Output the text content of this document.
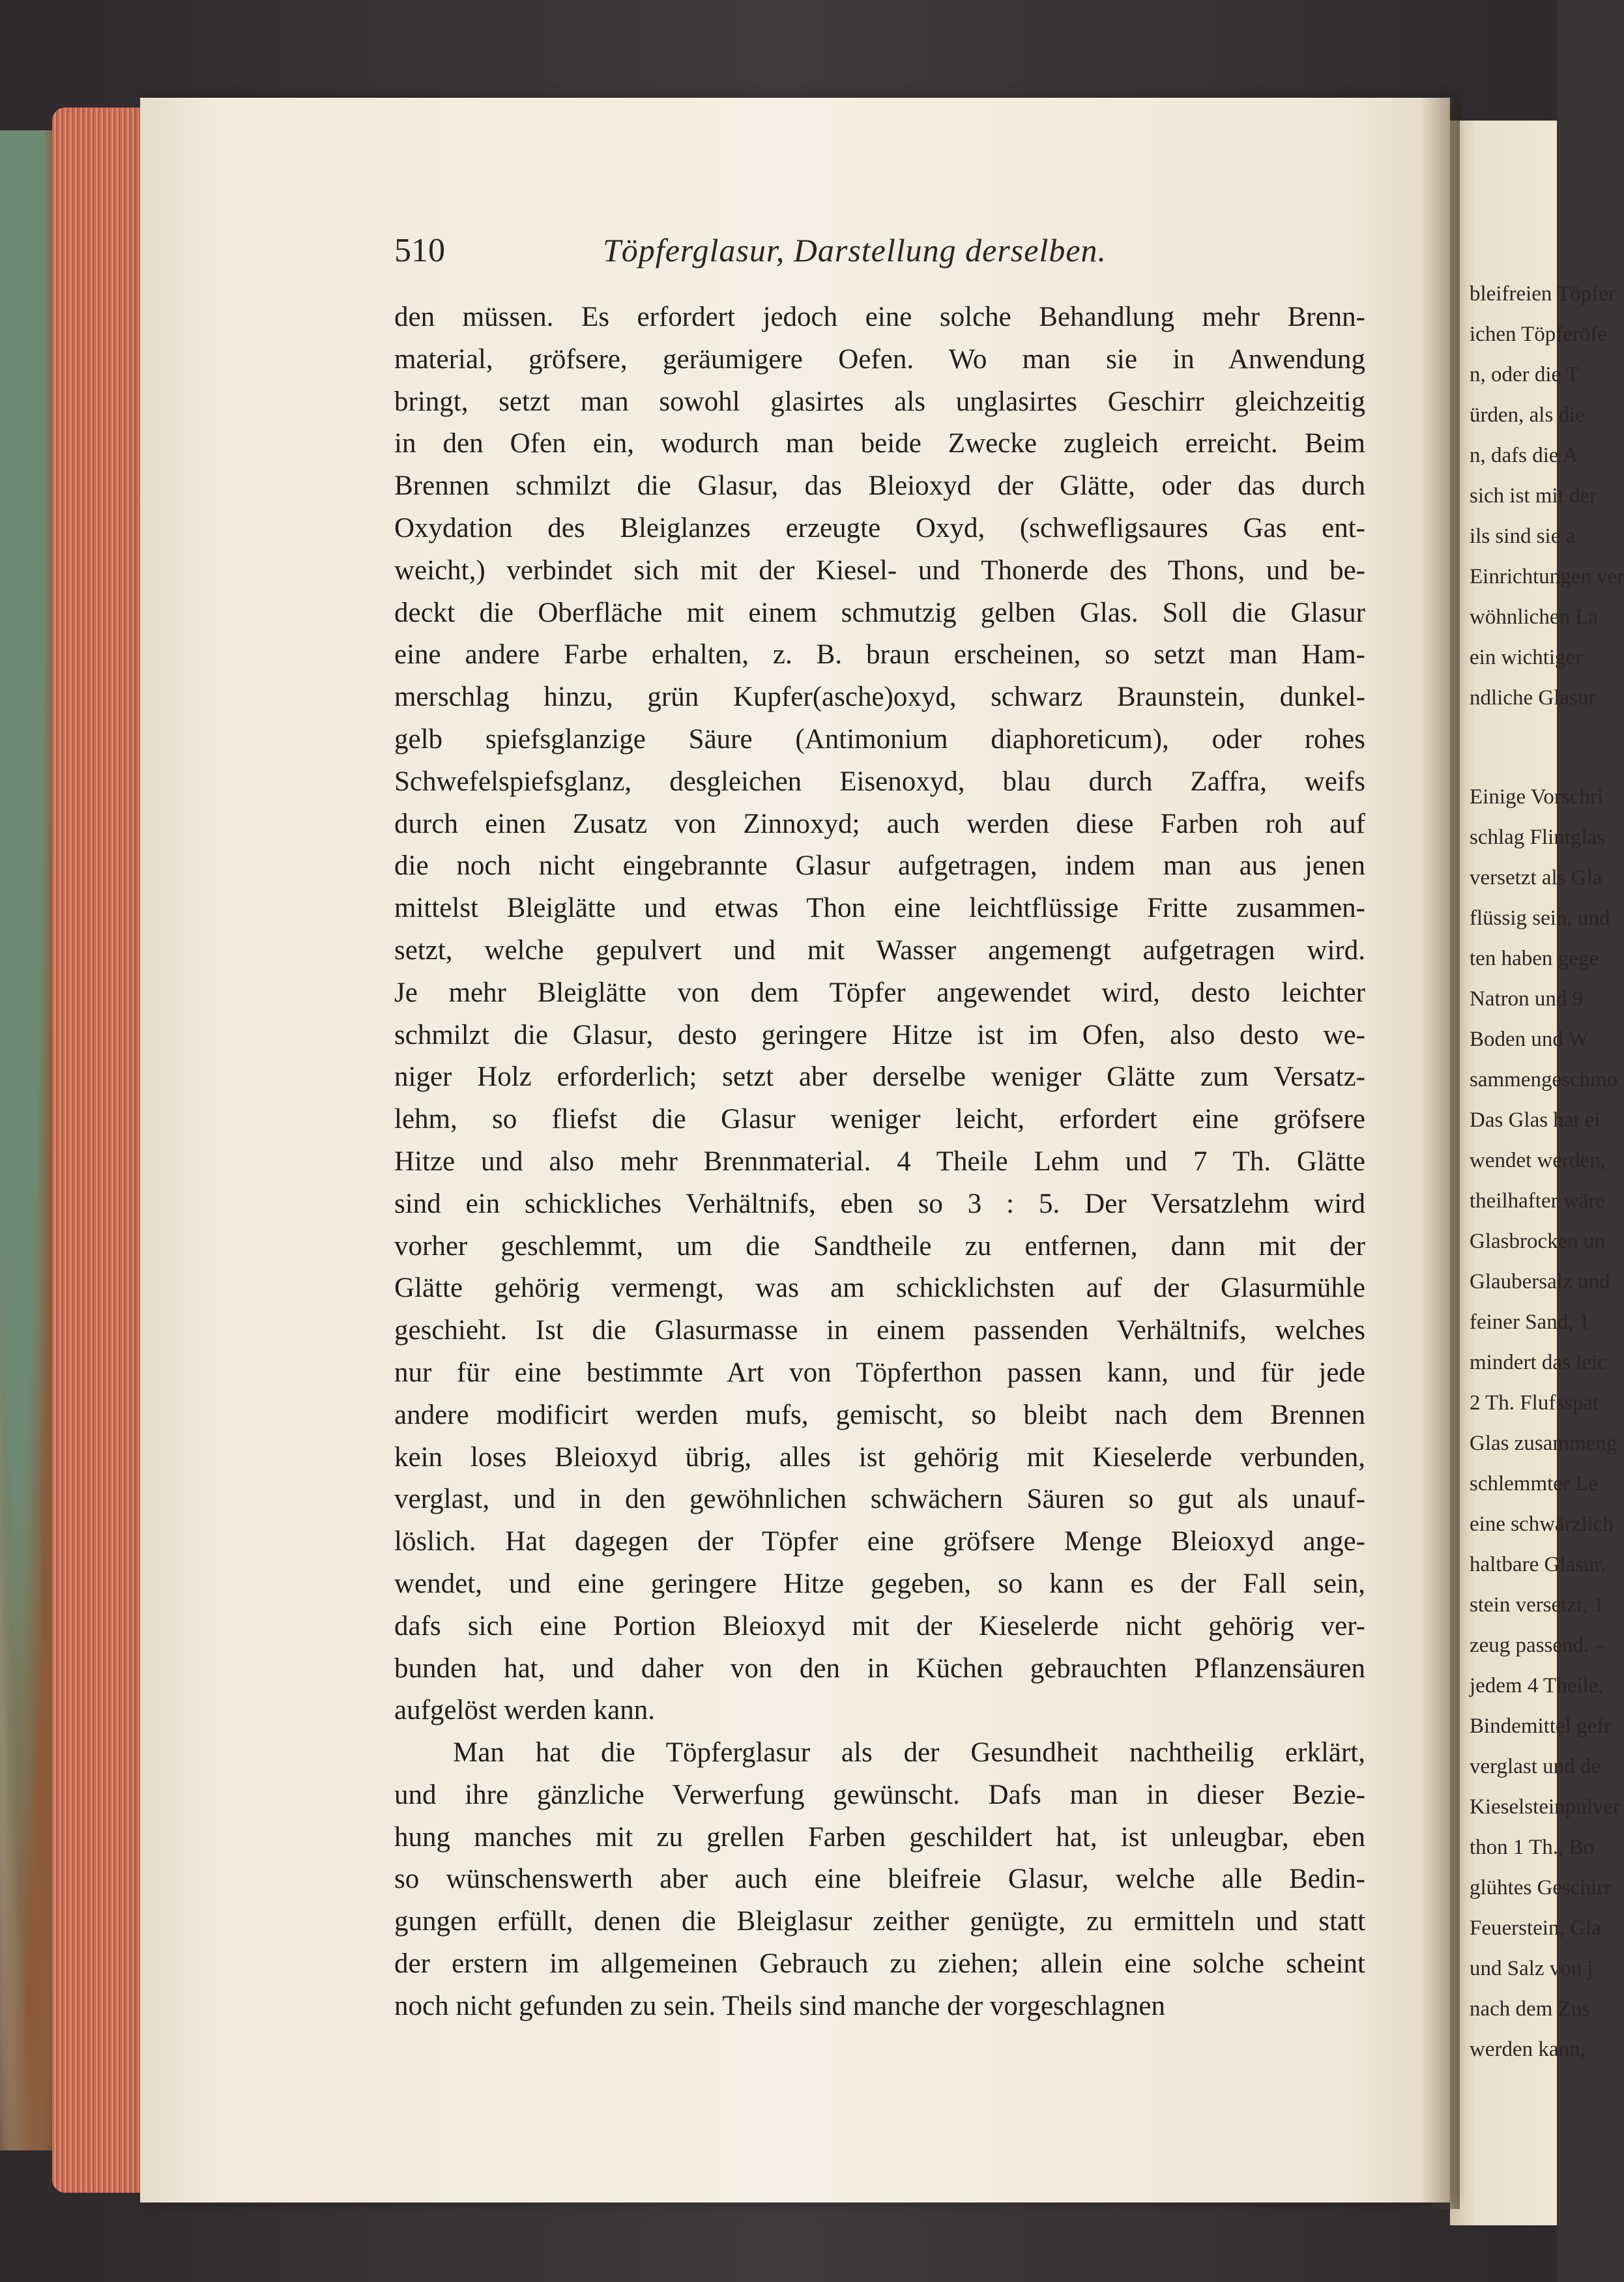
510	Töpferglasur, Darstellung derselben.
den müssen. Es erfordert jedoch eine solche Behandlung mehr Brenn-
material, gröfsere, geräumigere Oefen. Wo man sie in Anwendung
bringt, setzt man sowohl glasirtes als unglasirtes Geschirr gleichzeitig
in den Ofen ein, wodurch man beide Zwecke zugleich erreicht. Beim
Brennen schmilzt die Glasur, das Bleioxyd der Glätte, oder das durch
Oxydation des Bleiglanzes erzeugte Oxyd, (schwefligsaures Gas ent-
weicht,) verbindet sich mit der Kiesel- und Thonerde des Thons, und be-
deckt die Oberfläche mit einem schmutzig gelben Glas. Soll die Glasur
eine andere Farbe erhalten, z. B. braun erscheinen, so setzt man Ham-
merschlag hinzu, grün Kupfer(asche)oxyd, schwarz Braunstein, dunkel-
gelb spiefsglanzige Säure (Antimonium diaphoreticum), oder rohes
Schwefelspiefsglanz, desgleichen Eisenoxyd, blau durch Zaffra, weifs
durch einen Zusatz von Zinnoxyd; auch werden diese Farben roh auf
die noch nicht eingebrannte Glasur aufgetragen, indem man aus jenen
mittelst Bleiglätte und etwas Thon eine leichtflüssige Fritte zusammen-
setzt, welche gepulvert und mit Wasser angemengt aufgetragen wird.
Je mehr Bleiglätte von dem Töpfer angewendet wird, desto leichter
schmilzt die Glasur, desto geringere Hitze ist im Ofen, also desto we-
niger Holz erforderlich; setzt aber derselbe weniger Glätte zum Versatz-
lehm, so fliefst die Glasur weniger leicht, erfordert eine gröfsere
Hitze und also mehr Brennmaterial. 4 Theile Lehm und 7 Th. Glätte
sind ein schickliches Verhältnifs, eben so 3 : 5. Der Versatzlehm wird
vorher geschlemmt, um die Sandtheile zu entfernen, dann mit der
Glätte gehörig vermengt, was am schicklichsten auf der Glasurmühle
geschieht. Ist die Glasurmasse in einem passenden Verhältnifs, welches
nur für eine bestimmte Art von Töpferthon passen kann, und für jede
andere modificirt werden mufs, gemischt, so bleibt nach dem Brennen
kein loses Bleioxyd übrig, alles ist gehörig mit Kieselerde verbunden,
verglast, und in den gewöhnlichen schwächern Säuren so gut als unauf-
löslich. Hat dagegen der Töpfer eine gröfsere Menge Bleioxyd ange-
wendet, und eine geringere Hitze gegeben, so kann es der Fall sein,
dafs sich eine Portion Bleioxyd mit der Kieselerde nicht gehörig ver-
bunden hat, und daher von den in Küchen gebrauchten Pflanzensäuren
aufgelöst werden kann.
Man hat die Töpferglasur als der Gesundheit nachtheilig erklärt,
und ihre gänzliche Verwerfung gewünscht. Dafs man in dieser Bezie-
hung manches mit zu grellen Farben geschildert hat, ist unleugbar, eben
so wünschenswerth aber auch eine bleifreie Glasur, welche alle Bedin-
gungen erfüllt, denen die Bleiglasur zeither genügte, zu ermitteln und statt
der erstern im allgemeinen Gebrauch zu ziehen; allein eine solche scheint
noch nicht gefunden zu sein. Theils sind manche der vorgeschlagnen
bleifreien Töpfer
ichen Töpferöfe
n, oder die T
ürden, als die
n, dafs die A
sich ist mit der
ils sind sie a
Einrichtungen ver
wöhnlichen La
ein wichtiger
ndliche Glasur
Einige Vorschri
schlag Flintglas
versetzt als Gla
flüssig sein, und
ten haben gege
Natron und 9
Boden und W
sammengeschmo
Das Glas hat ei
wendet werden,
theilhafter wäre
Glasbrocken un
Glaubersalz und
feiner Sand, 1
mindert das leic
2 Th. Flufsspat
Glas zusammeng
schlemmter Le
eine schwärzlich
haltbare Glasur.
stein versetzt, 1
zeug passend. –
jedem 4 Theile,
Bindemittel gefr
verglast und de
Kieselsteinpulver
thon 1 Th., Bo
glühtes Geschirr
Feuerstein, Gla
und Salz von j
nach dem Zus
werden kann,
